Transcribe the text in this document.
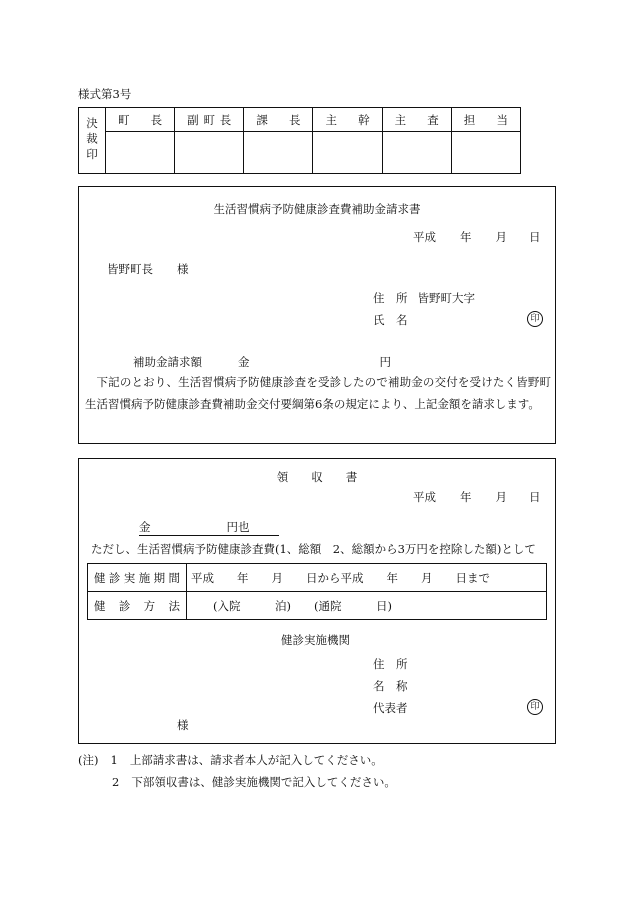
様式第3号
決裁印	町長	副町長	課長	主幹	主査	担当

生活習慣病予防健康診査費補助金請求書
平成 年 月 日
皆野町長 様
住　所 皆野町大字
氏　名	印
補助金請求額	金	円
下記のとおり、生活習慣病予防健康診査を受診したので補助金の交付を受けたく皆野町生活習慣病予防健康診査費補助金交付要綱第6条の規定により、上記金額を請求します。
領　　収　　書
平成 年 月 日
金	円也
ただし、生活習慣病予防健康診査費(1、総額　2、総額から3万円を控除した額)として
健診実施期間	平成　　年　　月　　日から平成　　年　　月　　日まで
健診方法	(入院　　　泊)　　(通院　　　日)
健診実施機関
住　所
名　称
代表者	印
様
(注) 1 上部請求書は、請求者本人が記入してください。
2 下部領収書は、健診実施機関で記入してください。
